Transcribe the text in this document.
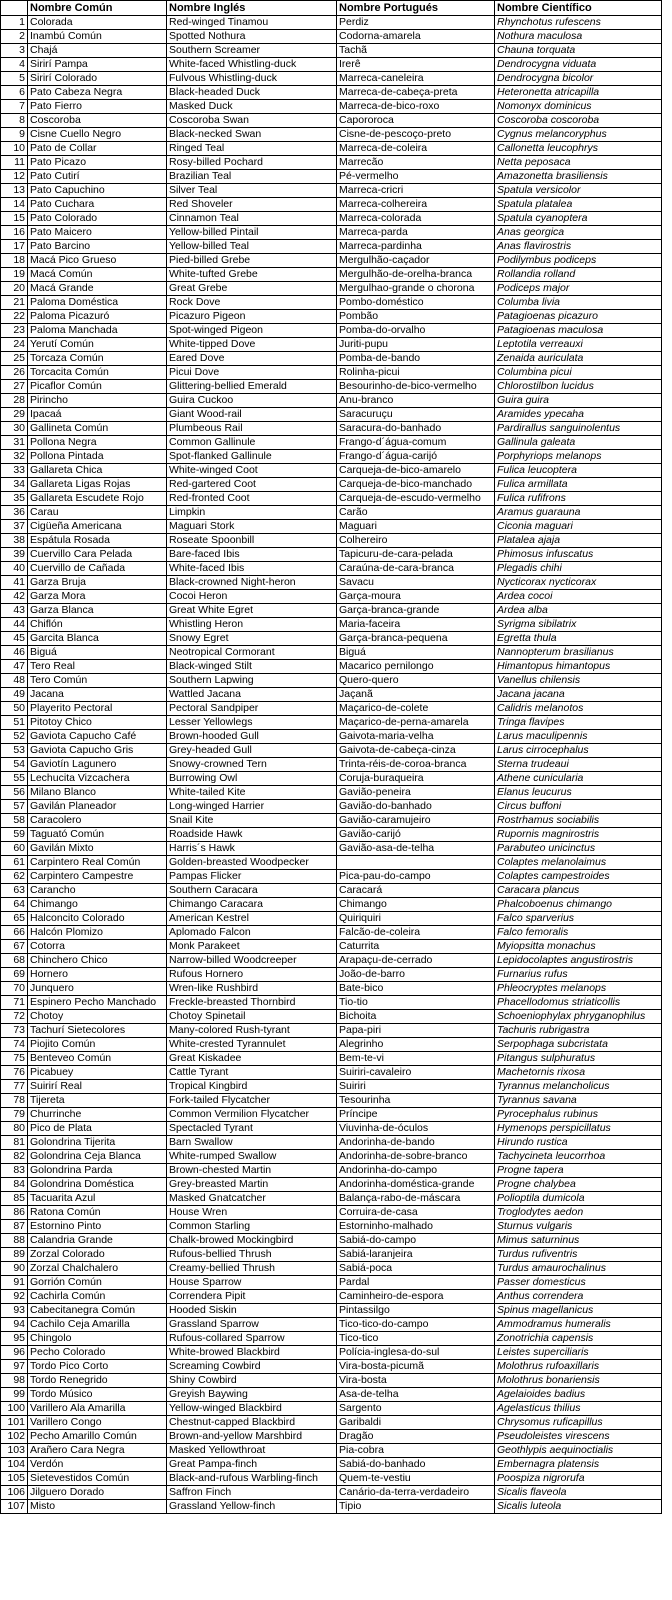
	Nombre Común	Nombre Inglés	Nombre Portugués	Nombre Científico
1	Colorada	Red-winged Tinamou	Perdiz	Rhynchotus rufescens
2	Inambú Común	Spotted Nothura	Codorna-amarela	Nothura maculosa
3	Chajá	Southern Screamer	Tachã	Chauna torquata
4	Sirirí Pampa	White-faced Whistling-duck	Irerê	Dendrocygna viduata
5	Sirirí Colorado	Fulvous Whistling-duck	Marreca-caneleira	Dendrocygna bicolor
6	Pato Cabeza Negra	Black-headed Duck	Marreca-de-cabeça-preta	Heteronetta atricapilla
7	Pato Fierro	Masked Duck	Marreca-de-bico-roxo	Nomonyx dominicus
8	Coscoroba	Coscoroba Swan	Capororoca	Coscoroba coscoroba
9	Cisne Cuello Negro	Black-necked Swan	Cisne-de-pescoço-preto	Cygnus melancoryphus
10	Pato de Collar	Ringed Teal	Marreca-de-coleira	Callonetta leucophrys
11	Pato Picazo	Rosy-billed Pochard	Marrecão	Netta peposaca
12	Pato Cutirí	Brazilian Teal	Pé-vermelho	Amazonetta brasiliensis
13	Pato Capuchino	Silver Teal	Marreca-cricri	Spatula versicolor
14	Pato Cuchara	Red Shoveler	Marreca-colhereira	Spatula platalea
15	Pato Colorado	Cinnamon Teal	Marreca-colorada	Spatula cyanoptera
16	Pato Maicero	Yellow-billed Pintail	Marreca-parda	Anas georgica
17	Pato Barcino	Yellow-billed Teal	Marreca-pardinha	Anas flavirostris
18	Macá Pico Grueso	Pied-billed Grebe	Mergulhão-caçador	Podilymbus podiceps
19	Macá Común	White-tufted Grebe	Mergulhão-de-orelha-branca	Rollandia rolland
20	Macá Grande	Great Grebe	Mergulhao-grande o chorona	Podiceps major
21	Paloma Doméstica	Rock Dove	Pombo-doméstico	Columba livia
22	Paloma Picazuró	Picazuro Pigeon	Pombão	Patagioenas picazuro
23	Paloma Manchada	Spot-winged Pigeon	Pomba-do-orvalho	Patagioenas maculosa
24	Yerutí Común	White-tipped Dove	Juriti-pupu	Leptotila verreauxi
25	Torcaza Común	Eared Dove	Pomba-de-bando	Zenaida auriculata
26	Torcacita Común	Picui Dove	Rolinha-picui	Columbina picui
27	Picaflor Común	Glittering-bellied Emerald	Besourinho-de-bico-vermelho	Chlorostilbon lucidus
28	Pirincho	Guira Cuckoo	Anu-branco	Guira guira
29	Ipacaá	Giant Wood-rail	Saracuruçu	Aramides ypecaha
30	Gallineta Común	Plumbeous Rail	Saracura-do-banhado	Pardirallus sanguinolentus
31	Pollona Negra	Common Gallinule	Frango-d´água-comum	Gallinula galeata
32	Pollona Pintada	Spot-flanked Gallinule	Frango-d´água-carijó	Porphyriops melanops
33	Gallareta Chica	White-winged Coot	Carqueja-de-bico-amarelo	Fulica leucoptera
34	Gallareta Ligas Rojas	Red-gartered Coot	Carqueja-de-bico-manchado	Fulica armillata
35	Gallareta Escudete Rojo	Red-fronted Coot	Carqueja-de-escudo-vermelho	Fulica rufifrons
36	Carau	Limpkin	Carão	Aramus guarauna
37	Cigüeña Americana	Maguari Stork	Maguari	Ciconia maguari
38	Espátula Rosada	Roseate Spoonbill	Colhereiro	Platalea ajaja
39	Cuervillo Cara Pelada	Bare-faced Ibis	Tapicuru-de-cara-pelada	Phimosus infuscatus
40	Cuervillo de Cañada	White-faced Ibis	Caraúna-de-cara-branca	Plegadis chihi
41	Garza Bruja	Black-crowned Night-heron	Savacu	Nycticorax nycticorax
42	Garza Mora	Cocoi Heron	Garça-moura	Ardea cocoi
43	Garza Blanca	Great White Egret	Garça-branca-grande	Ardea alba
44	Chiflón	Whistling Heron	Maria-faceira	Syrigma sibilatrix
45	Garcita Blanca	Snowy Egret	Garça-branca-pequena	Egretta thula
46	Biguá	Neotropical Cormorant	Biguá	Nannopterum brasilianus
47	Tero Real	Black-winged Stilt	Macarico pernilongo	Himantopus himantopus
48	Tero Común	Southern Lapwing	Quero-quero	Vanellus chilensis
49	Jacana	Wattled Jacana	Jaçanã	Jacana jacana
50	Playerito Pectoral	Pectoral Sandpiper	Maçarico-de-colete	Calidris melanotos
51	Pitotoy Chico	Lesser Yellowlegs	Maçarico-de-perna-amarela	Tringa flavipes
52	Gaviota Capucho Café	Brown-hooded Gull	Gaivota-maria-velha	Larus maculipennis
53	Gaviota Capucho Gris	Grey-headed Gull	Gaivota-de-cabeça-cinza	Larus cirrocephalus
54	Gaviotín Lagunero	Snowy-crowned Tern	Trinta-réis-de-coroa-branca	Sterna trudeaui
55	Lechucita Vizcachera	Burrowing Owl	Coruja-buraqueira	Athene cunicularia
56	Milano Blanco	White-tailed Kite	Gavião-peneira	Elanus leucurus
57	Gavilán Planeador	Long-winged Harrier	Gavião-do-banhado	Circus buffoni
58	Caracolero	Snail Kite	Gavião-caramujeiro	Rostrhamus sociabilis
59	Taguató Común	Roadside Hawk	Gavião-carijó	Rupornis magnirostris
60	Gavilán Mixto	Harris´s Hawk	Gavião-asa-de-telha	Parabuteo unicinctus
61	Carpintero Real Común	Golden-breasted Woodpecker		Colaptes melanolaimus
62	Carpintero Campestre	Pampas Flicker	Pica-pau-do-campo	Colaptes campestroides
63	Carancho	Southern Caracara	Caracará	Caracara plancus
64	Chimango	Chimango Caracara	Chimango	Phalcoboenus chimango
65	Halconcito Colorado	American Kestrel	Quiriquiri	Falco sparverius
66	Halcón Plomizo	Aplomado Falcon	Falcão-de-coleira	Falco femoralis
67	Cotorra	Monk Parakeet	Caturrita	Myiopsitta monachus
68	Chinchero Chico	Narrow-billed Woodcreeper	Arapaçu-de-cerrado	Lepidocolaptes angustirostris
69	Hornero	Rufous Hornero	João-de-barro	Furnarius rufus
70	Junquero	Wren-like Rushbird	Bate-bico	Phleocryptes melanops
71	Espinero Pecho Manchado	Freckle-breasted Thornbird	Tio-tio	Phacellodomus striaticollis
72	Chotoy	Chotoy Spinetail	Bichoita	Schoeniophylax phryganophilus
73	Tachurí Sietecolores	Many-colored Rush-tyrant	Papa-piri	Tachuris rubrigastra
74	Piojito Común	White-crested Tyrannulet	Alegrinho	Serpophaga subcristata
75	Benteveo Común	Great Kiskadee	Bem-te-vi	Pitangus sulphuratus
76	Picabuey	Cattle Tyrant	Suiriri-cavaleiro	Machetornis rixosa
77	Suirirí Real	Tropical Kingbird	Suiriri	Tyrannus melancholicus
78	Tijereta	Fork-tailed Flycatcher	Tesourinha	Tyrannus savana
79	Churrinche	Common Vermilion Flycatcher	Príncipe	Pyrocephalus rubinus
80	Pico de Plata	Spectacled Tyrant	Viuvinha-de-óculos	Hymenops perspicillatus
81	Golondrina Tijerita	Barn Swallow	Andorinha-de-bando	Hirundo rustica
82	Golondrina Ceja Blanca	White-rumped Swallow	Andorinha-de-sobre-branco	Tachycineta leucorrhoa
83	Golondrina Parda	Brown-chested Martin	Andorinha-do-campo	Progne tapera
84	Golondrina Doméstica	Grey-breasted Martin	Andorinha-doméstica-grande	Progne chalybea
85	Tacuarita Azul	Masked Gnatcatcher	Balança-rabo-de-máscara	Polioptila dumicola
86	Ratona Común	House Wren	Corruira-de-casa	Troglodytes aedon
87	Estornino Pinto	Common Starling	Estorninho-malhado	Sturnus vulgaris
88	Calandria Grande	Chalk-browed Mockingbird	Sabiá-do-campo	Mimus saturninus
89	Zorzal Colorado	Rufous-bellied Thrush	Sabiá-laranjeira	Turdus rufiventris
90	Zorzal Chalchalero	Creamy-bellied Thrush	Sabiá-poca	Turdus amaurochalinus
91	Gorrión Común	House Sparrow	Pardal	Passer domesticus
92	Cachirla Común	Correndera Pipit	Caminheiro-de-espora	Anthus correndera
93	Cabecitanegra Común	Hooded Siskin	Pintassilgo	Spinus magellanicus
94	Cachilo Ceja Amarilla	Grassland Sparrow	Tico-tico-do-campo	Ammodramus humeralis
95	Chingolo	Rufous-collared Sparrow	Tico-tico	Zonotrichia capensis
96	Pecho Colorado	White-browed Blackbird	Polícia-inglesa-do-sul	Leistes superciliaris
97	Tordo Pico Corto	Screaming Cowbird	Vira-bosta-picumã	Molothrus rufoaxillaris
98	Tordo Renegrido	Shiny Cowbird	Vira-bosta	Molothrus bonariensis
99	Tordo Músico	Greyish Baywing	Asa-de-telha	Agelaioides badius
100	Varillero Ala Amarilla	Yellow-winged Blackbird	Sargento	Agelasticus thilius
101	Varillero Congo	Chestnut-capped Blackbird	Garibaldi	Chrysomus ruficapillus
102	Pecho Amarillo Común	Brown-and-yellow Marshbird	Dragão	Pseudoleistes virescens
103	Arañero Cara Negra	Masked Yellowthroat	Pia-cobra	Geothlypis aequinoctialis
104	Verdón	Great Pampa-finch	Sabiá-do-banhado	Embernagra platensis
105	Sietevestidos Común	Black-and-rufous Warbling-finch	Quem-te-vestiu	Poospiza nigrorufa
106	Jilguero Dorado	Saffron Finch	Canário-da-terra-verdadeiro	Sicalis flaveola
107	Misto	Grassland Yellow-finch	Tipio	Sicalis luteola
